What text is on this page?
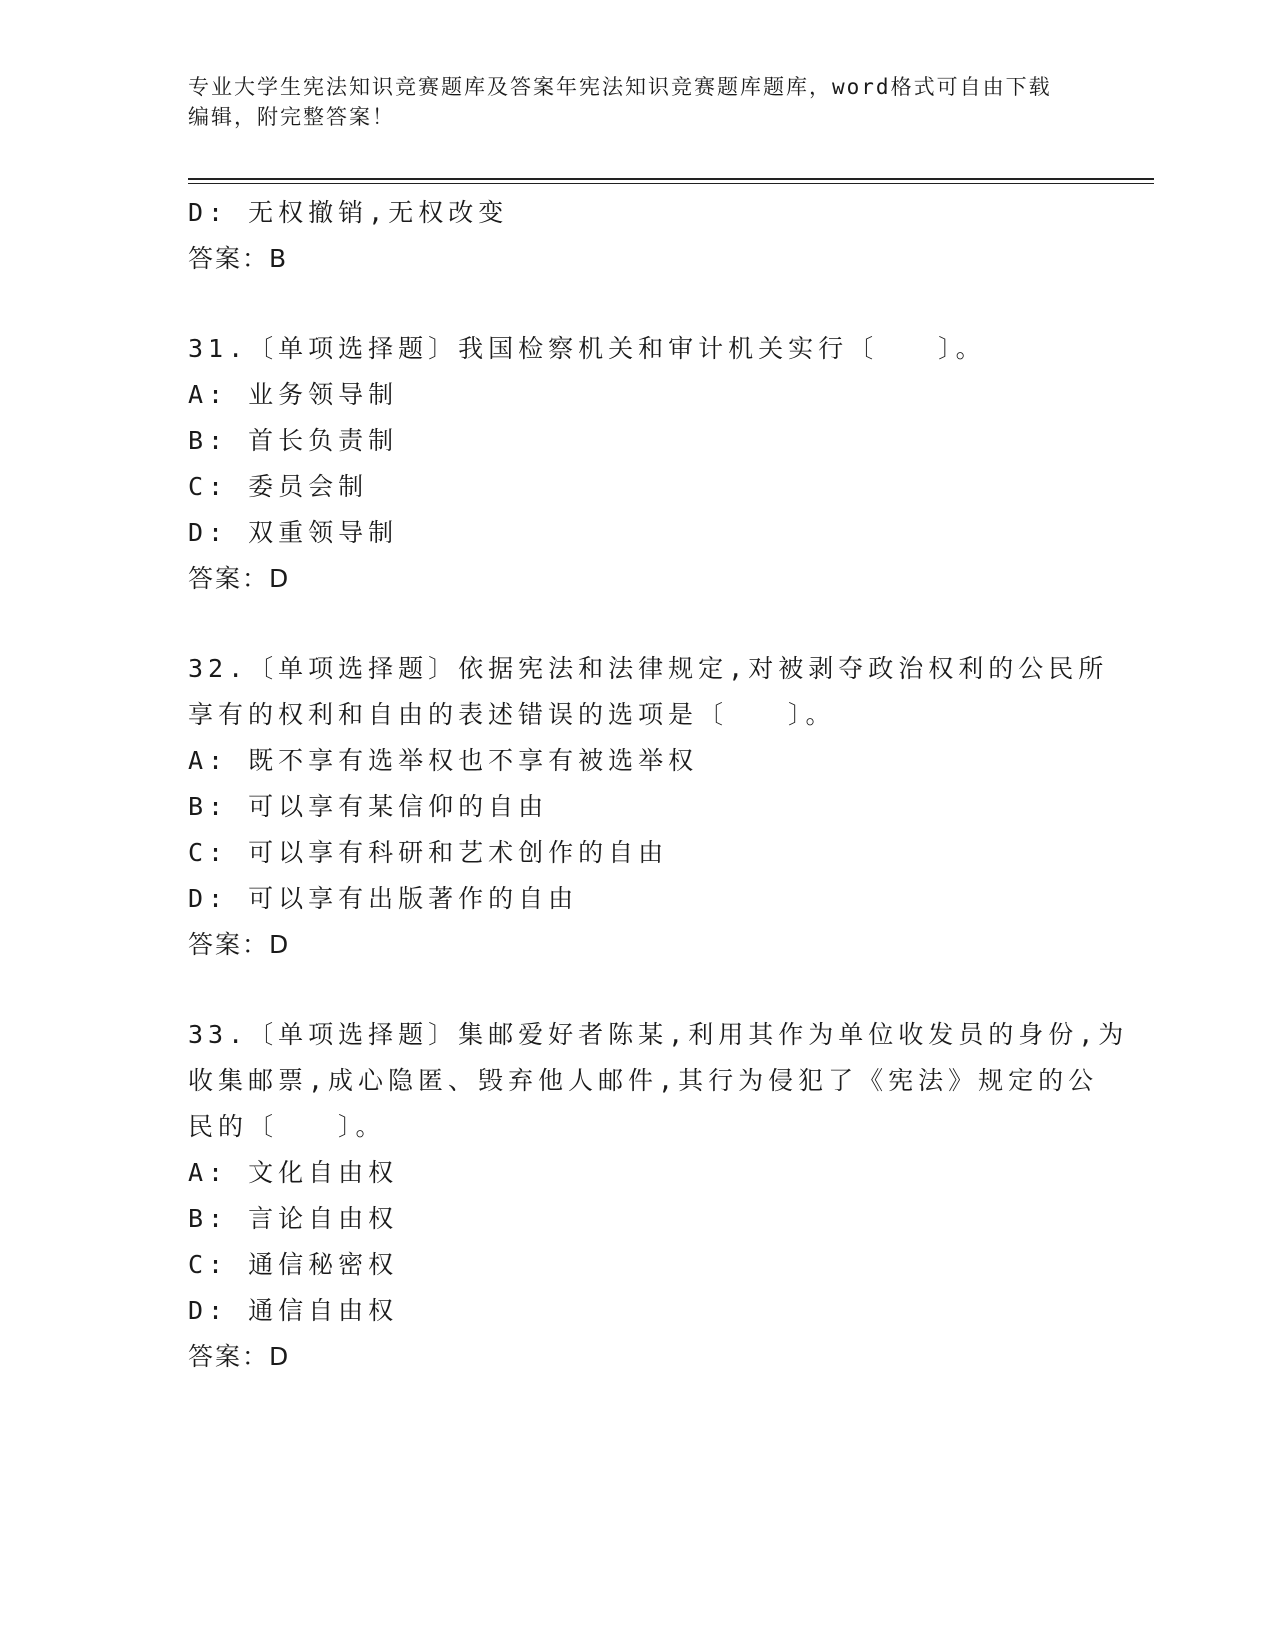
专业大学生宪法知识竞赛题库及答案年宪法知识竞赛题库题库，word格式可自由下载编辑，附完整答案！
D: 无权撤销,无权改变
答案：B
31.〔单项选择题〕我国检察机关和审计机关实行〔　　〕。
A: 业务领导制
B: 首长负责制
C: 委员会制
D: 双重领导制
答案：D
32.〔单项选择题〕依据宪法和法律规定,对被剥夺政治权利的公民所
享有的权利和自由的表述错误的选项是〔　　〕。
A: 既不享有选举权也不享有被选举权
B: 可以享有某信仰的自由
C: 可以享有科研和艺术创作的自由
D: 可以享有出版著作的自由
答案：D
33.〔单项选择题〕集邮爱好者陈某,利用其作为单位收发员的身份,为
收集邮票,成心隐匿、毁弃他人邮件,其行为侵犯了《宪法》规定的公
民的〔　　〕。
A: 文化自由权
B: 言论自由权
C: 通信秘密权
D: 通信自由权
答案：D
